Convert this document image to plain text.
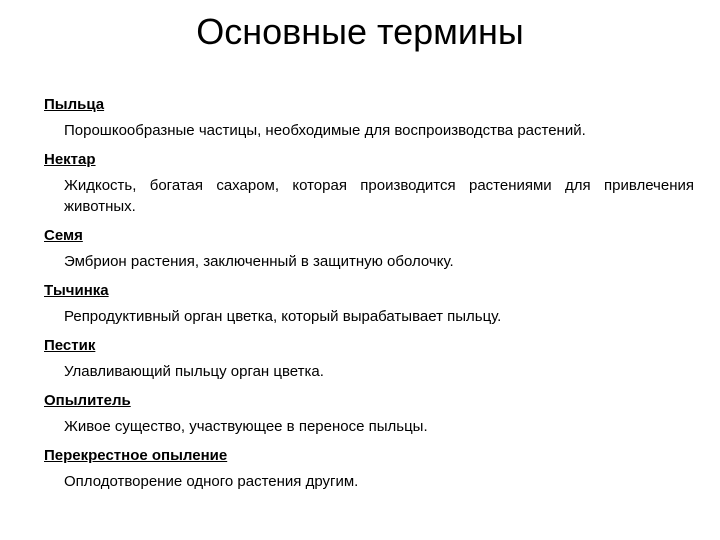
Основные термины
Пыльца

Порошкообразные частицы, необходимые для воспроизводства растений.

Нектар

Жидкость, богатая сахаром, которая производится растениями для привлечения животных.

Семя

Эмбрион растения, заключенный в защитную оболочку.

Тычинка

Репродуктивный орган цветка, который вырабатывает пыльцу.

Пестик

Улавливающий пыльцу орган цветка.

Опылитель

Живое существо, участвующее в переносе пыльцы.

Перекрестное опыление

Оплодотворение одного растения другим.
